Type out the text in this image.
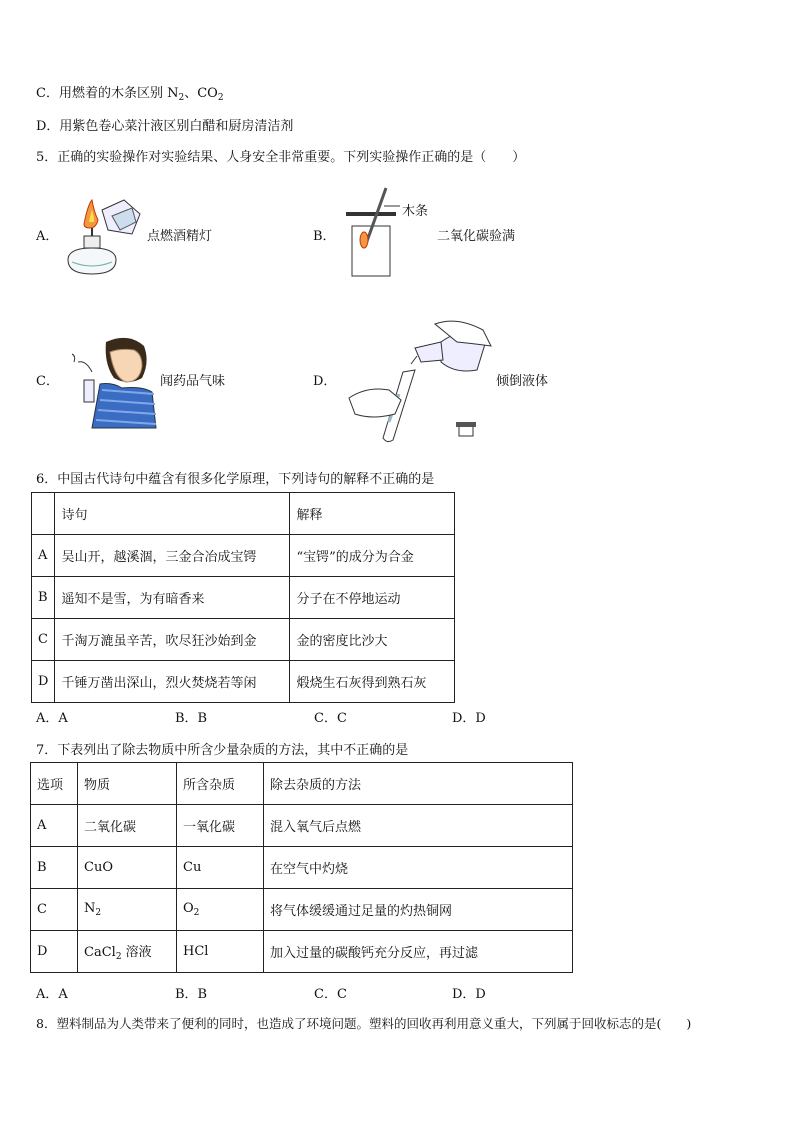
C．用燃着的木条区别 $N_2$、$CO_2$
D．用紫色卷心菜汁液区别白醋和厨房清洁剂
5．正确的实验操作对实验结果、人身安全非常重要。下列实验操作正确的是（　　）
A．	点燃酒精灯	B．
木条
二氧化碳验满
C．	闻药品气味	D．	倾倒液体
6．中国古代诗句中蕴含有很多化学原理，下列诗句的解释不正确的是
	诗句	解释
A	吴山开，越溪涸，三金合冶成宝锷	“宝锷”的成分为合金
B	遥知不是雪，为有暗香来	分子在不停地运动
C	千淘万漉虽辛苦，吹尽狂沙始到金	金的密度比沙大
D	千锤万凿出深山，烈火焚烧若等闲	煅烧生石灰得到熟石灰
A．A	B．B	C．C	D．D
7．下表列出了除去物质中所含少量杂质的方法，其中不正确的是
选项	物质	所含杂质	除去杂质的方法
A	二氧化碳	一氧化碳	混入氧气后点燃
B	CuO	Cu	在空气中灼烧
C	$N_2$	$O_2$	将气体缓缓通过足量的灼热铜网
D	CaCl$_2$ 溶液	HCl	加入过量的碳酸钙充分反应，再过滤
A．A	B．B	C．C	D．D
8．塑料制品为人类带来了便利的同时，也造成了环境问题。塑料的回收再利用意义重大，下列属于回收标志的是(　　)
